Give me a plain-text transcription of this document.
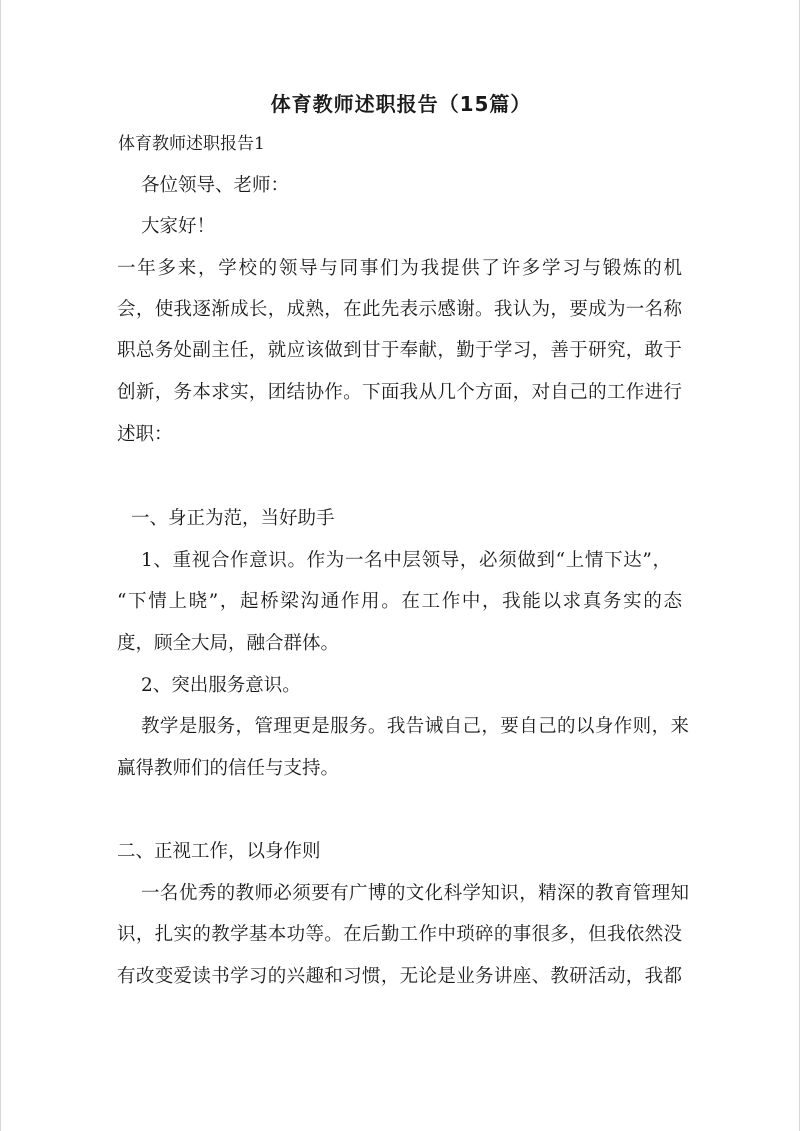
体育教师述职报告（15篇）
体育教师述职报告1
各位领导、老师：
大家好！
一年多来，学校的领导与同事们为我提供了许多学习与锻炼的机
会，使我逐渐成长，成熟，在此先表示感谢。我认为，要成为一名称
职总务处副主任，就应该做到甘于奉献，勤于学习，善于研究，敢于
创新，务本求实，团结协作。下面我从几个方面，对自己的工作进行
述职：
一、身正为范，当好助手
1、重视合作意识。作为一名中层领导，必须做到“上情下达”，
“下情上晓”，起桥梁沟通作用。在工作中，我能以求真务实的态
度，顾全大局，融合群体。
2、突出服务意识。
教学是服务，管理更是服务。我告诫自己，要自己的以身作则，来
赢得教师们的信任与支持。
二、正视工作，以身作则
一名优秀的教师必须要有广博的文化科学知识，精深的教育管理知
识，扎实的教学基本功等。在后勤工作中琐碎的事很多，但我依然没
有改变爱读书学习的兴趣和习惯，无论是业务讲座、教研活动，我都
